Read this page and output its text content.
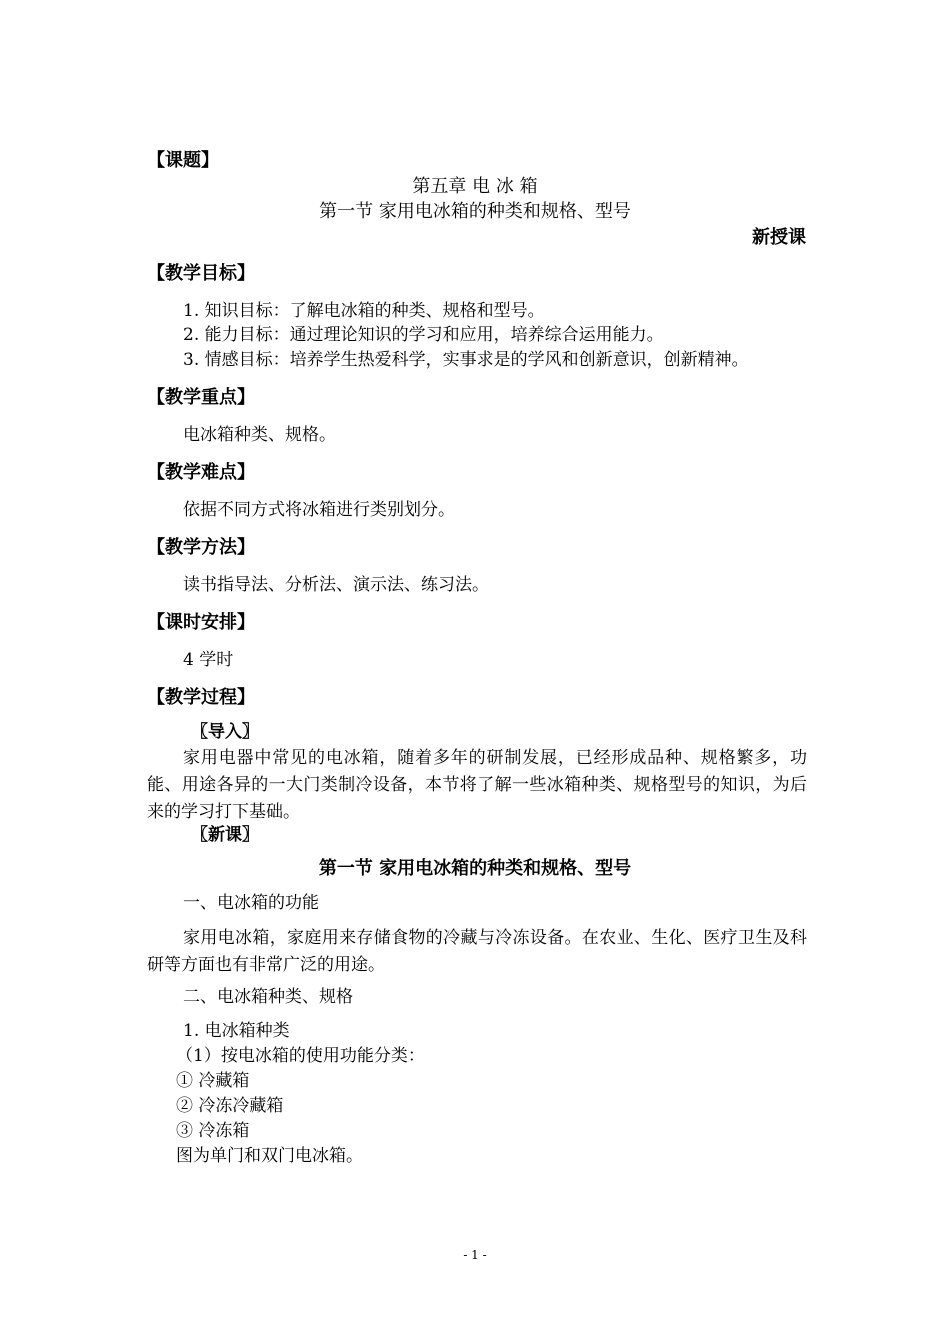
【课题】
第五章 电 冰 箱
第一节 家用电冰箱的种类和规格、型号
新授课
【教学目标】
1. 知识目标：了解电冰箱的种类、规格和型号。
2. 能力目标：通过理论知识的学习和应用，培养综合运用能力。
3. 情感目标：培养学生热爱科学，实事求是的学风和创新意识，创新精神。
【教学重点】
电冰箱种类、规格。
【教学难点】
依据不同方式将冰箱进行类别划分。
【教学方法】
读书指导法、分析法、演示法、练习法。
【课时安排】
4 学时
【教学过程】
〖导入〗
家用电器中常见的电冰箱，随着多年的研制发展，已经形成品种、规格繁多，功能、用途各异的一大门类制冷设备，本节将了解一些冰箱种类、规格型号的知识，为后来的学习打下基础。
〖新课〗
第一节 家用电冰箱的种类和规格、型号
一、电冰箱的功能
家用电冰箱，家庭用来存储食物的冷藏与冷冻设备。在农业、生化、医疗卫生及科研等方面也有非常广泛的用途。
二、电冰箱种类、规格
1. 电冰箱种类
（1）按电冰箱的使用功能分类：
① 冷藏箱
② 冷冻冷藏箱
③ 冷冻箱
图为单门和双门电冰箱。
- 1 -
